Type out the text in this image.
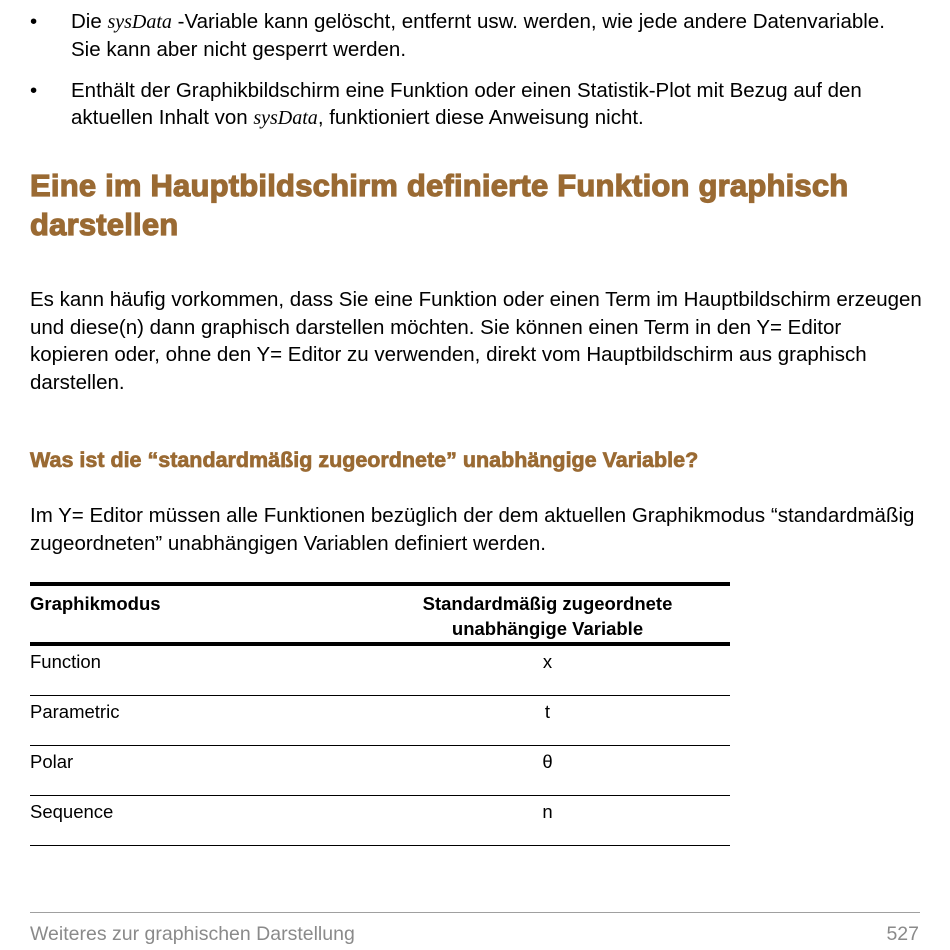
• Die sysData -Variable kann gelöscht, entfernt usw. werden, wie jede andere Datenvariable. Sie kann aber nicht gesperrt werden.
• Enthält der Graphikbildschirm eine Funktion oder einen Statistik-Plot mit Bezug auf den aktuellen Inhalt von sysData, funktioniert diese Anweisung nicht.
Eine im Hauptbildschirm definierte Funktion graphisch darstellen

Es kann häufig vorkommen, dass Sie eine Funktion oder einen Term im Hauptbildschirm erzeugen und diese(n) dann graphisch darstellen möchten. Sie können einen Term in den Y= Editor kopieren oder, ohne den Y= Editor zu verwenden, direkt vom Hauptbildschirm aus graphisch darstellen.

Was ist die “standardmäßig zugeordnete” unabhängige Variable?

Im Y= Editor müssen alle Funktionen bezüglich der dem aktuellen Graphikmodus “standardmäßig zugeordneten” unabhängigen Variablen definiert werden.

Graphikmodus	Standardmäßig zugeordnete unabhängige Variable
Function	x
Parametric	t
Polar	θ
Sequence	n
Weiteres zur graphischen Darstellung	527
